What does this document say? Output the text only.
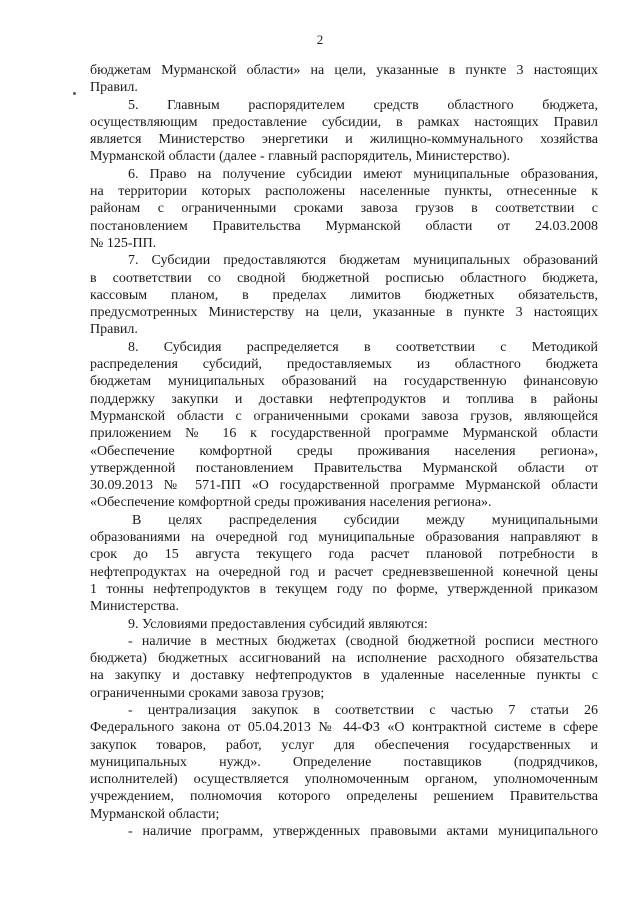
2
бюджетам Мурманской области» на цели, указанные в пункте 3 настоящих
Правил.
5. Главным распорядителем средств областного бюджета,
осуществляющим предоставление субсидии, в рамках настоящих Правил
является Министерство энергетики и жилищно-коммунального хозяйства
Мурманской области (далее - главный распорядитель, Министерство).
6. Право на получение субсидии имеют муниципальные образования,
на территории которых расположены населенные пункты, отнесенные к
районам с ограниченными сроками завоза грузов в соответствии с
постановлением Правительства Мурманской области от 24.03.2008
№ 125-ПП.
7. Субсидии предоставляются бюджетам муниципальных образований
в соответствии со сводной бюджетной росписью областного бюджета,
кассовым планом, в пределах лимитов бюджетных обязательств,
предусмотренных Министерству на цели, указанные в пункте 3 настоящих
Правил.
8. Субсидия распределяется в соответствии с Методикой
распределения субсидий, предоставляемых из областного бюджета
бюджетам муниципальных образований на государственную финансовую
поддержку закупки и доставки нефтепродуктов и топлива в районы
Мурманской области с ограниченными сроками завоза грузов, являющейся
приложением № 16 к государственной программе Мурманской области
«Обеспечение комфортной среды проживания населения региона»,
утвержденной постановлением Правительства Мурманской области от
30.09.2013 № 571-ПП «О государственной программе Мурманской области
«Обеспечение комфортной среды проживания населения региона».
В целях распределения субсидии между муниципальными
образованиями на очередной год муниципальные образования направляют в
срок до 15 августа текущего года расчет плановой потребности в
нефтепродуктах на очередной год и расчет средневзвешенной конечной цены
1 тонны нефтепродуктов в текущем году по форме, утвержденной приказом
Министерства.
9. Условиями предоставления субсидий являются:
- наличие в местных бюджетах (сводной бюджетной росписи местного
бюджета) бюджетных ассигнований на исполнение расходного обязательства
на закупку и доставку нефтепродуктов в удаленные населенные пункты с
ограниченными сроками завоза грузов;
- централизация закупок в соответствии с частью 7 статьи 26
Федерального закона от 05.04.2013 № 44-ФЗ «О контрактной системе в сфере
закупок товаров, работ, услуг для обеспечения государственных и
муниципальных нужд». Определение поставщиков (подрядчиков,
исполнителей) осуществляется уполномоченным органом, уполномоченным
учреждением, полномочия которого определены решением Правительства
Мурманской области;
- наличие программ, утвержденных правовыми актами муниципального
